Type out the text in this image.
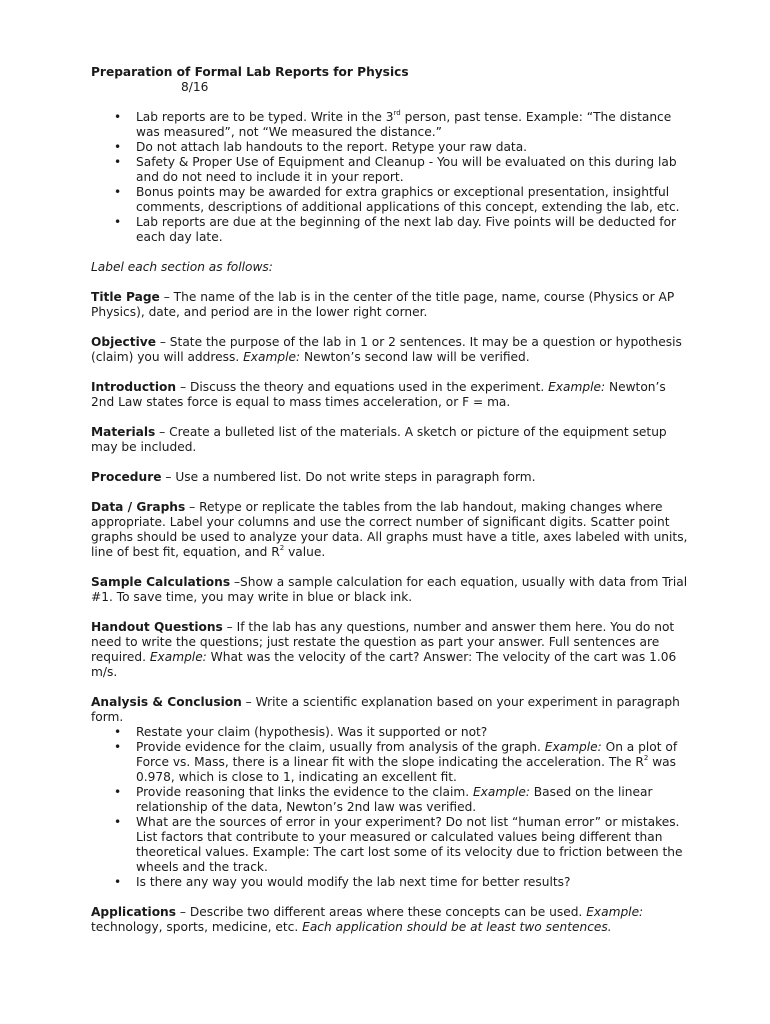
Preparation of Formal Lab Reports for Physics

8/16

• Lab reports are to be typed. Write in the 3rd person, past tense. Example: “The distance was measured”, not “We measured the distance.”
• Do not attach lab handouts to the report. Retype your raw data.
• Safety & Proper Use of Equipment and Cleanup - You will be evaluated on this during lab and do not need to include it in your report.
• Bonus points may be awarded for extra graphics or exceptional presentation, insightful comments, descriptions of additional applications of this concept, extending the lab, etc.
• Lab reports are due at the beginning of the next lab day. Five points will be deducted for each day late.

Label each section as follows:

Title Page – The name of the lab is in the center of the title page, name, course (Physics or AP Physics), date, and period are in the lower right corner.

Objective – State the purpose of the lab in 1 or 2 sentences. It may be a question or hypothesis (claim) you will address. Example: Newton’s second law will be verified.

Introduction – Discuss the theory and equations used in the experiment. Example: Newton’s 2nd Law states force is equal to mass times acceleration, or F = ma.

Materials – Create a bulleted list of the materials. A sketch or picture of the equipment setup may be included.

Procedure – Use a numbered list. Do not write steps in paragraph form.

Data / Graphs – Retype or replicate the tables from the lab handout, making changes where appropriate. Label your columns and use the correct number of significant digits. Scatter point graphs should be used to analyze your data. All graphs must have a title, axes labeled with units, line of best fit, equation, and $R^2$ value.

Sample Calculations –Show a sample calculation for each equation, usually with data from Trial #1. To save time, you may write in blue or black ink.

Handout Questions – If the lab has any questions, number and answer them here. You do not need to write the questions; just restate the question as part your answer. Full sentences are required. Example: What was the velocity of the cart? Answer: The velocity of the cart was 1.06 m/s.

Analysis & Conclusion – Write a scientific explanation based on your experiment in paragraph form.

• Restate your claim (hypothesis). Was it supported or not?
• Provide evidence for the claim, usually from analysis of the graph. Example: On a plot of Force vs. Mass, there is a linear fit with the slope indicating the acceleration. The $R^2$ was 0.978, which is close to 1, indicating an excellent fit.
• Provide reasoning that links the evidence to the claim. Example: Based on the linear relationship of the data, Newton’s 2nd law was verified.
• What are the sources of error in your experiment? Do not list “human error” or mistakes. List factors that contribute to your measured or calculated values being different than theoretical values. Example: The cart lost some of its velocity due to friction between the wheels and the track.
• Is there any way you would modify the lab next time for better results?

Applications – Describe two different areas where these concepts can be used. Example: technology, sports, medicine, etc. Each application should be at least two sentences.
